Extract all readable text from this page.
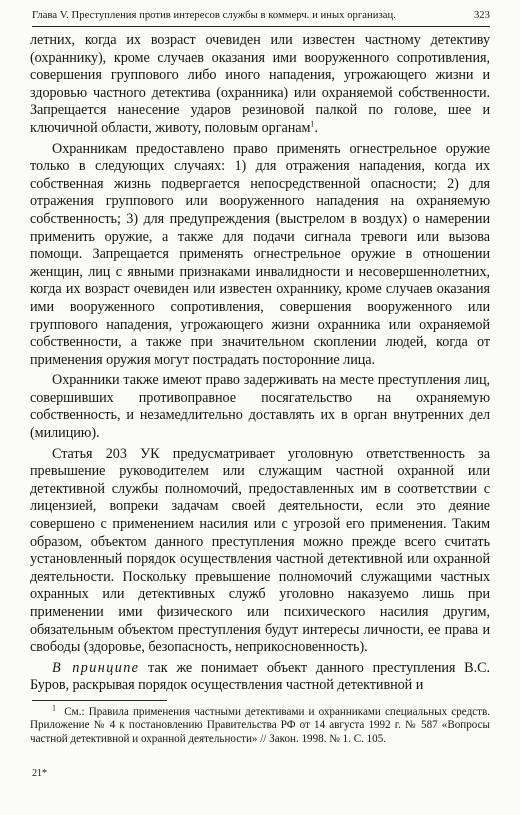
Глава V. Преступления против интересов службы в коммерч. и иных организац.	323

летних, когда их возраст очевиден или известен частному детективу (охраннику), кроме случаев оказания ими вооруженного сопротивления, совершения группового либо иного нападения, угрожающего жизни и здоровью частного детектива (охранника) или охраняемой собственности. Запрещается нанесение ударов резиновой палкой по голове, шее и ключичной области, животу, половым органам$^1$.

Охранникам предоставлено право применять огнестрельное оружие только в следующих случаях: 1) для отражения нападения, когда их собственная жизнь подвергается непосредственной опасности; 2) для отражения группового или вооруженного нападения на охраняемую собственность; 3) для предупреждения (выстрелом в воздух) о намерении применить оружие, а также для подачи сигнала тревоги или вызова помощи. Запрещается применять огнестрельное оружие в отношении женщин, лиц с явными признаками инвалидности и несовершеннолетних, когда их возраст очевиден или известен охраннику, кроме случаев оказания ими вооруженного сопротивления, совершения вооруженного или группового нападения, угрожающего жизни охранника или охраняемой собственности, а также при значительном скоплении людей, когда от применения оружия могут пострадать посторонние лица.

Охранники также имеют право задерживать на месте преступления лиц, совершивших противоправное посягательство на охраняемую собственность, и незамедлительно доставлять их в орган внутренних дел (милицию).

Статья 203 УК предусматривает уголовную ответственность за превышение руководителем или служащим частной охранной или детективной службы полномочий, предоставленных им в соответствии с лицензией, вопреки задачам своей деятельности, если это деяние совершено с применением насилия или с угрозой его применения. Таким образом, объектом данного преступления можно прежде всего считать установленный порядок осуществления частной детективной или охранной деятельности. Поскольку превышение полномочий служащими частных охранных или детективных служб уголовно наказуемо лишь при применении ими физического или психического насилия другим, обязательным объектом преступления будут интересы личности, ее права и свободы (здоровье, безопасность, неприкосновенность).

В принципе так же понимает объект данного преступления В.С. Буров, раскрывая порядок осуществления частной детективной и

$^1$ См.: Правила применения частными детективами и охранниками специальных средств. Приложение № 4 к постановлению Правительства РФ от 14 августа 1992 г. № 587 «Вопросы частной детективной и охранной деятельности» // Закон. 1998. № 1. С. 105.

21*
